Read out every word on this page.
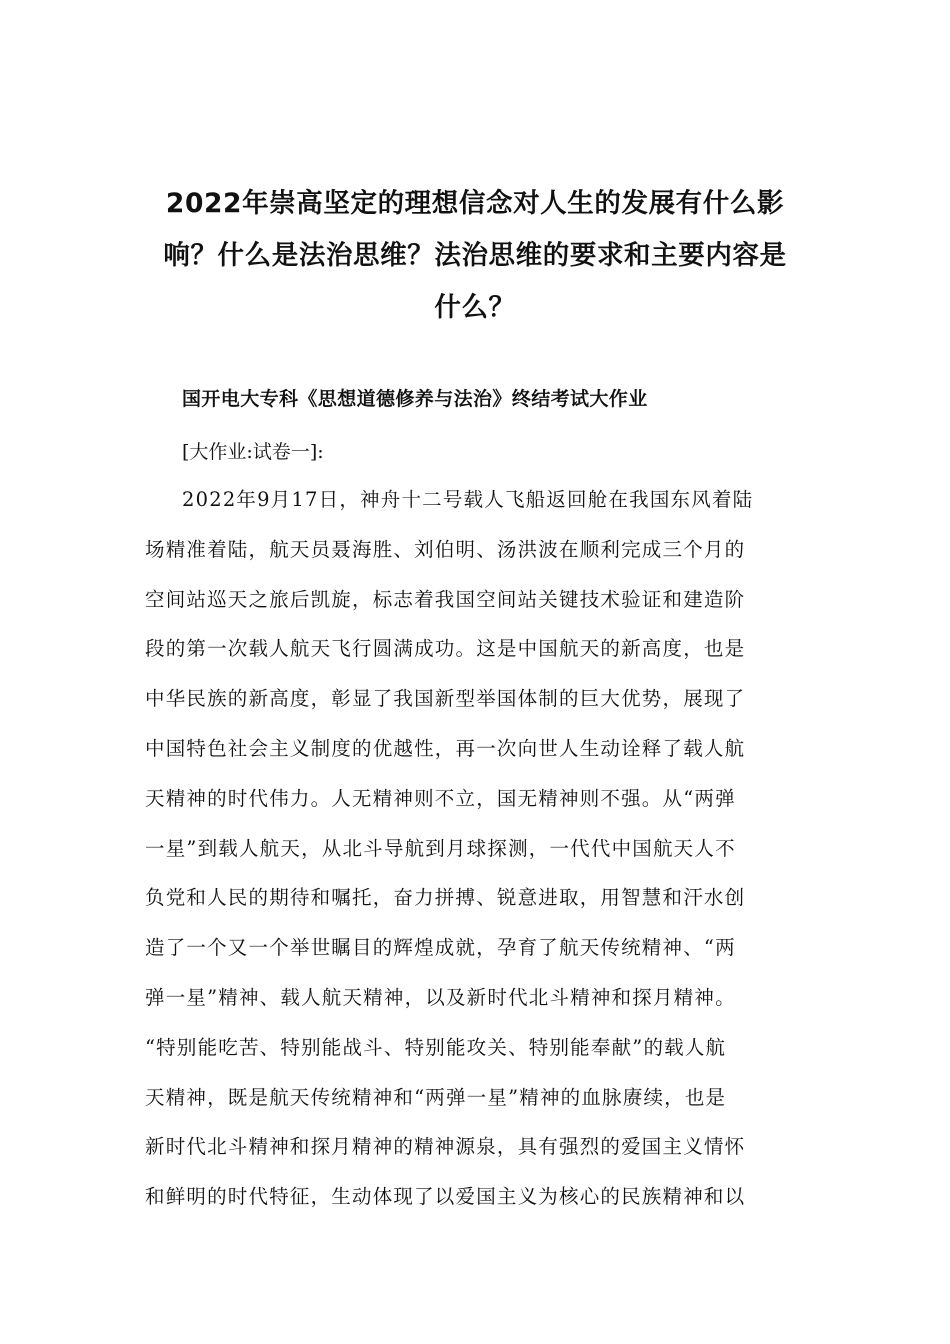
2022年崇高坚定的理想信念对人生的发展有什么影
响？什么是法治思维？法治思维的要求和主要内容是
什么？

国开电大专科《思想道德修养与法治》终结考试大作业

[大作业:试卷一]:

2022年9月17日，神舟十二号载人飞船返回舱在我国东风着陆
场精准着陆，航天员聂海胜、刘伯明、汤洪波在顺利完成三个月的
空间站巡天之旅后凯旋，标志着我国空间站关键技术验证和建造阶
段的第一次载人航天飞行圆满成功。这是中国航天的新高度，也是
中华民族的新高度，彰显了我国新型举国体制的巨大优势，展现了
中国特色社会主义制度的优越性，再一次向世人生动诠释了载人航
天精神的时代伟力。人无精神则不立，国无精神则不强。从“两弹
一星”到载人航天，从北斗导航到月球探测，一代代中国航天人不
负党和人民的期待和嘱托，奋力拼搏、锐意进取，用智慧和汗水创
造了一个又一个举世瞩目的辉煌成就，孕育了航天传统精神、“两
弹一星”精神、载人航天精神，以及新时代北斗精神和探月精神。
“特别能吃苦、特别能战斗、特别能攻关、特别能奉献”的载人航
天精神，既是航天传统精神和“两弹一星”精神的血脉赓续，也是
新时代北斗精神和探月精神的精神源泉，具有强烈的爱国主义情怀
和鲜明的时代特征，生动体现了以爱国主义为核心的民族精神和以
